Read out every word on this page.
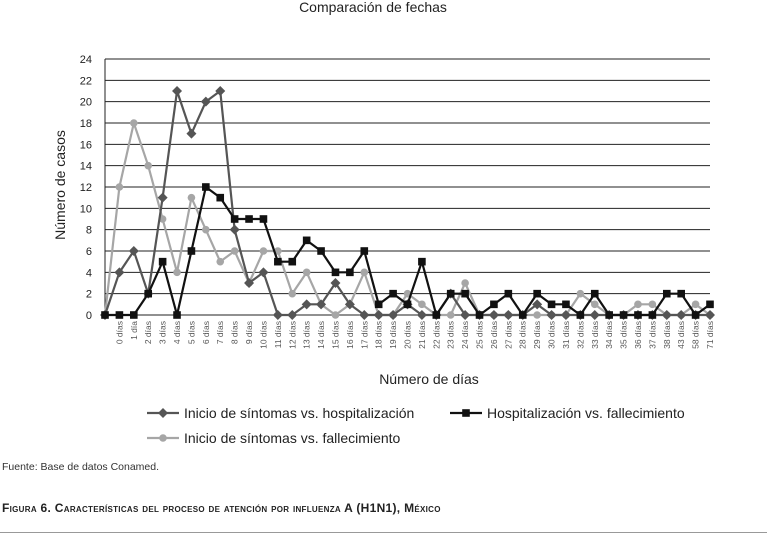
Comparación de fechas
0
2
4
6
8
10
12
14
16
18
20
22
24
0 días 1 día 2 días 3 días 4 días 5 días 6 días 7 días 8 días 9 días 10 días 11 días 12 días 13 días 14 días 15 días 16 días 17 días 18 días 19 días 20 días 21 días 22 días 23 días 24 días 25 días 26 días 27 días 28 días 29 días 30 días 31 días 32 días 33 días 34 días 35 días 36 días 37 días 38 días 43 días 58 días 71 días
Número de casos
Número de días
Inicio de síntomas vs. hospitalización	Hospitalización vs. fallecimiento
Inicio de síntomas vs. fallecimiento
Fuente: Base de datos Conamed.
Figura 6. Características del proceso de atención por influenza A (H1N1), México
